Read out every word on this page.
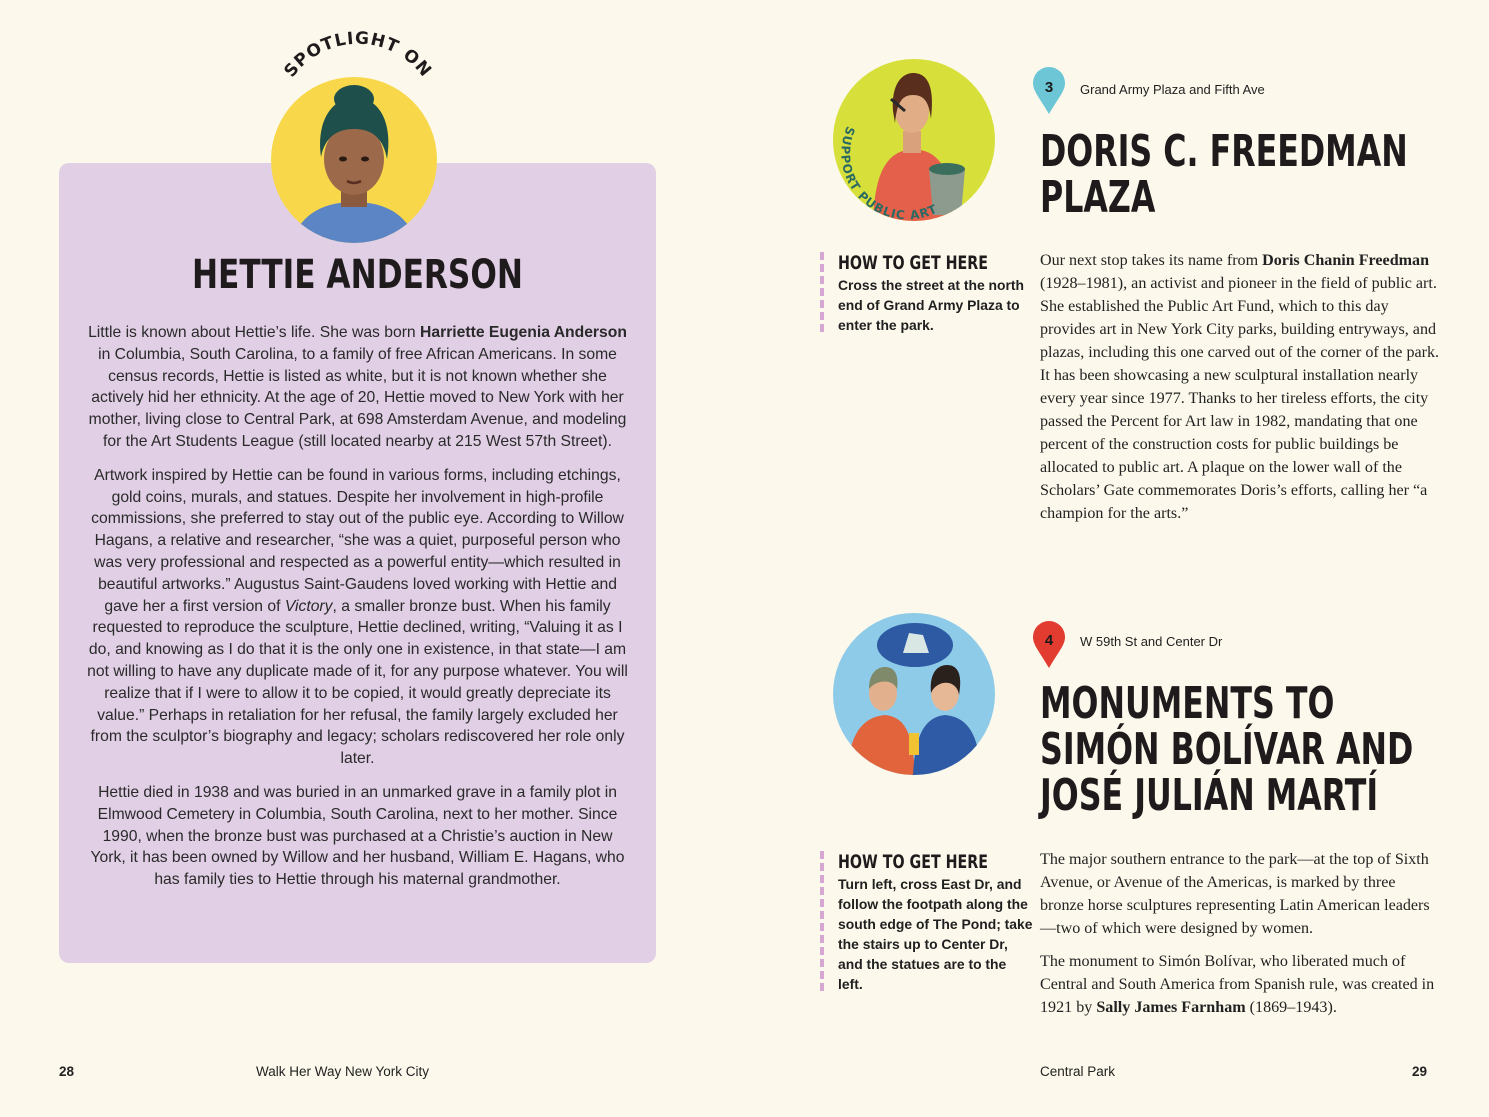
SPOTLIGHT ON
HETTIE ANDERSON

Little is known about Hettie’s life. She was born Harriette Eugenia Anderson in Columbia, South Carolina, to a family of free African Americans. In some census records, Hettie is listed as white, but it is not known whether she actively hid her ethnicity. At the age of 20, Hettie moved to New York with her mother, living close to Central Park, at 698 Amsterdam Avenue, and modeling for the Art Students League (still located nearby at 215 West 57th Street).

Artwork inspired by Hettie can be found in various forms, including etchings, gold coins, murals, and statues. Despite her involvement in high-profile commissions, she preferred to stay out of the public eye. According to Willow Hagans, a relative and researcher, “she was a quiet, purposeful person who was very professional and respected as a powerful entity—which resulted in beautiful artworks.” Augustus Saint-Gaudens loved working with Hettie and gave her a first version of Victory, a smaller bronze bust. When his family requested to reproduce the sculpture, Hettie declined, writing, “Valuing it as I do, and knowing as I do that it is the only one in existence, in that state—I am not willing to have any duplicate made of it, for any purpose whatever. You will realize that if I were to allow it to be copied, it would greatly depreciate its value.” Perhaps in retaliation for her refusal, the family largely excluded her from the sculptor’s biography and legacy; scholars rediscovered her role only later.

Hettie died in 1938 and was buried in an unmarked grave in a family plot in Elmwood Cemetery in Columbia, South Carolina, next to her mother. Since 1990, when the bronze bust was purchased at a Christie’s auction in New York, it has been owned by Willow and her husband, William E. Hagans, who has family ties to Hettie through his maternal grandmother.

SUPPORT PUBLIC ART
3	Grand Army Plaza and Fifth Ave
DORIS C. FREEDMAN
PLAZA
HOW TO GET HERE
Cross the street at the north end of Grand Army Plaza to enter the park.

Our next stop takes its name from Doris Chanin Freedman (1928–1981), an activist and pioneer in the field of public art. She established the Public Art Fund, which to this day provides art in New York City parks, building entryways, and plazas, including this one carved out of the corner of the park. It has been showcasing a new sculptural installation nearly every year since 1977. Thanks to her tireless efforts, the city passed the Percent for Art law in 1982, mandating that one percent of the construction costs for public buildings be allocated to public art. A plaque on the lower wall of the Scholars’ Gate commemorates Doris’s efforts, calling her “a champion for the arts.”

4	W 59th St and Center Dr
MONUMENTS TO
SIMÓN BOLÍVAR AND
JOSÉ JULIÁN MARTÍ
HOW TO GET HERE
Turn left, cross East Dr, and follow the footpath along the south edge of The Pond; take the stairs up to Center Dr, and the statues are to the left.

The major southern entrance to the park—at the top of Sixth Avenue, or Avenue of the Americas, is marked by three bronze horse sculptures representing Latin American leaders—two of which were designed by women.

The monument to Simón Bolívar, who liberated much of Central and South America from Spanish rule, was created in 1921 by Sally James Farnham (1869–1943).

28	Walk Her Way New York City	Central Park	29
